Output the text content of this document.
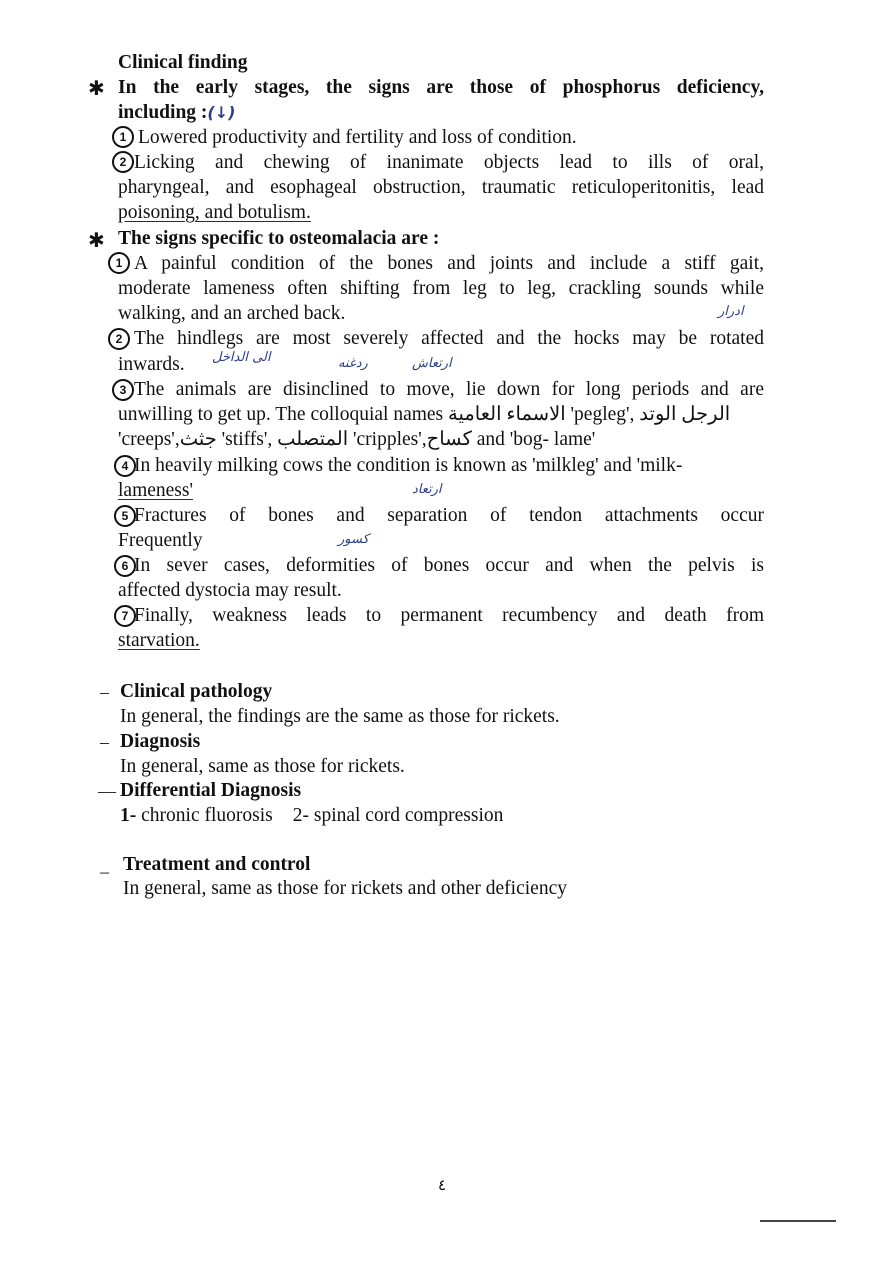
Clinical finding
✱ In the early stages, the signs are those of phosphorus deficiency,
including :(↓)
1 Lowered productivity and fertility and loss of condition.
2 Licking and chewing of inanimate objects lead to ills of oral,
pharyngeal, and esophageal obstruction, traumatic reticuloperitonitis, lead
poisoning, and botulism.
✱ The signs specific to osteomalacia are :
1 A painful condition of the bones and joints and include a stiff gait,
moderate lameness often shifting from leg to leg, crackling sounds while
walking, and an arched back.	ادرار
2 The hindlegs are most severely affected and the hocks may be rotated
inwards.	الى الداخل	ردغنه	ارتعاش
3 The animals are disinclined to move, lie down for long periods and are
unwilling to get up. The colloquial names الاسماء العامية 'pegleg', الرجل الوتد
'creeps',جثث 'stiffs', المتصلب 'cripples',كساح and 'bog- lame'
4 In heavily milking cows the condition is known as 'milkleg' and 'milk-
lameness'	ارتعاد
5 Fractures of bones and separation of tendon attachments occur
Frequently	كسور
6 In sever cases, deformities of bones occur and when the pelvis is
affected dystocia may result.
7 Finally, weakness leads to permanent recumbency and death from
starvation.
– Clinical pathology
In general, the findings are the same as those for rickets.
– Diagnosis
In general, same as those for rickets.
— Differential Diagnosis
1- chronic fluorosis 2- spinal cord compression
_ Treatment and control
In general, same as those for rickets and other deficiency
٤
